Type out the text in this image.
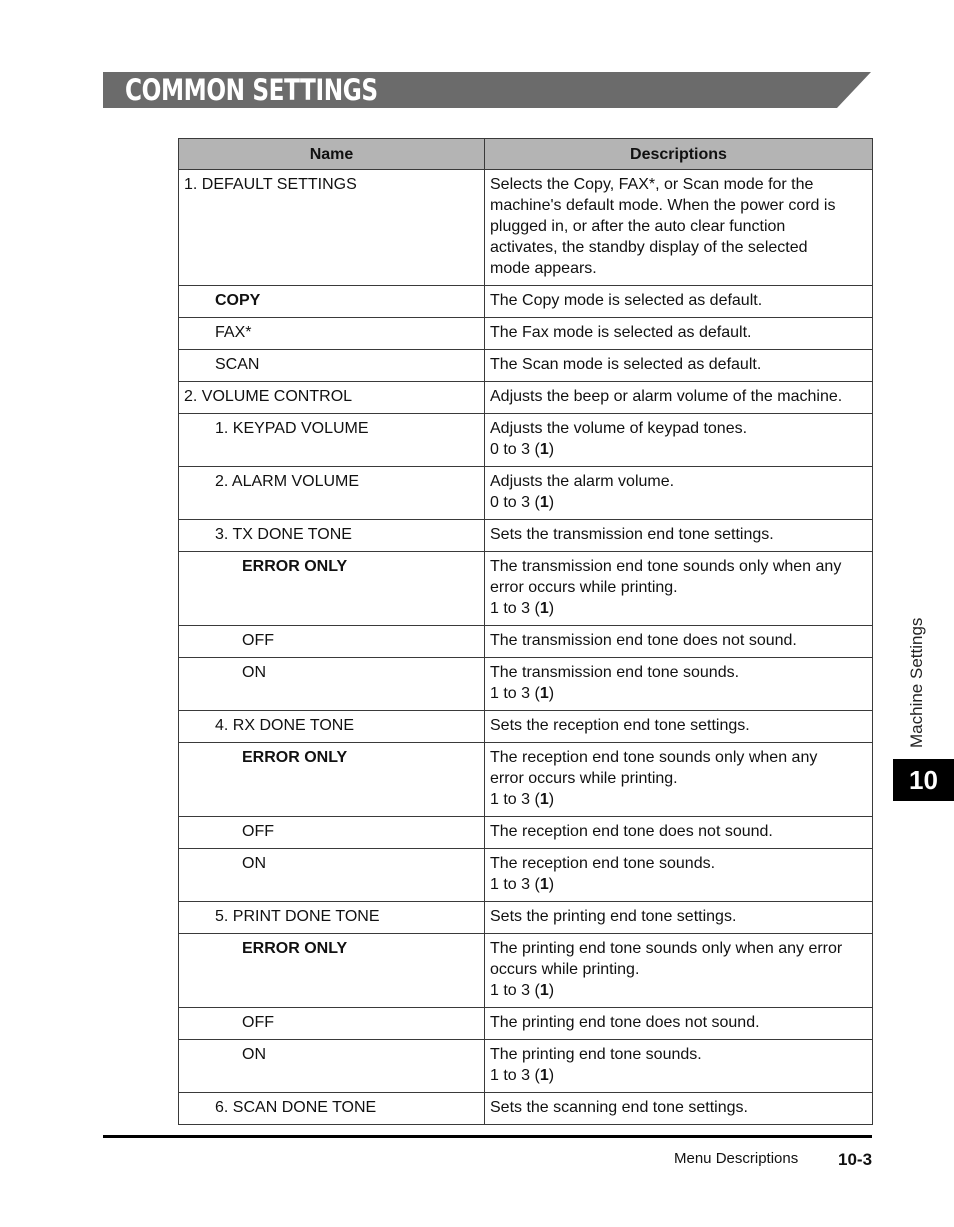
COMMON SETTINGS
Name	Descriptions
1. DEFAULT SETTINGS	Selects the Copy, FAX*, or Scan mode for the
machine's default mode. When the power cord is
plugged in, or after the auto clear function
activates, the standby display of the selected
mode appears.

COPY	The Copy mode is selected as default.

FAX*	The Fax mode is selected as default.

SCAN	The Scan mode is selected as default.

2. VOLUME CONTROL	Adjusts the beep or alarm volume of the machine.

1. KEYPAD VOLUME	Adjusts the volume of keypad tones.
0 to 3 (1)

2. ALARM VOLUME	Adjusts the alarm volume.
0 to 3 (1)

3. TX DONE TONE	Sets the transmission end tone settings.

ERROR ONLY	The transmission end tone sounds only when any
error occurs while printing.
1 to 3 (1)

OFF	The transmission end tone does not sound.

ON	The transmission end tone sounds.
1 to 3 (1)

4. RX DONE TONE	Sets the reception end tone settings.

ERROR ONLY	The reception end tone sounds only when any
error occurs while printing.
1 to 3 (1)

OFF	The reception end tone does not sound.

ON	The reception end tone sounds.
1 to 3 (1)

5. PRINT DONE TONE	Sets the printing end tone settings.

ERROR ONLY	The printing end tone sounds only when any error
occurs while printing.
1 to 3 (1)

OFF	The printing end tone does not sound.

ON	The printing end tone sounds.
1 to 3 (1)

6. SCAN DONE TONE	Sets the scanning end tone settings.
Machine Settings
10
Menu Descriptions 10-3
